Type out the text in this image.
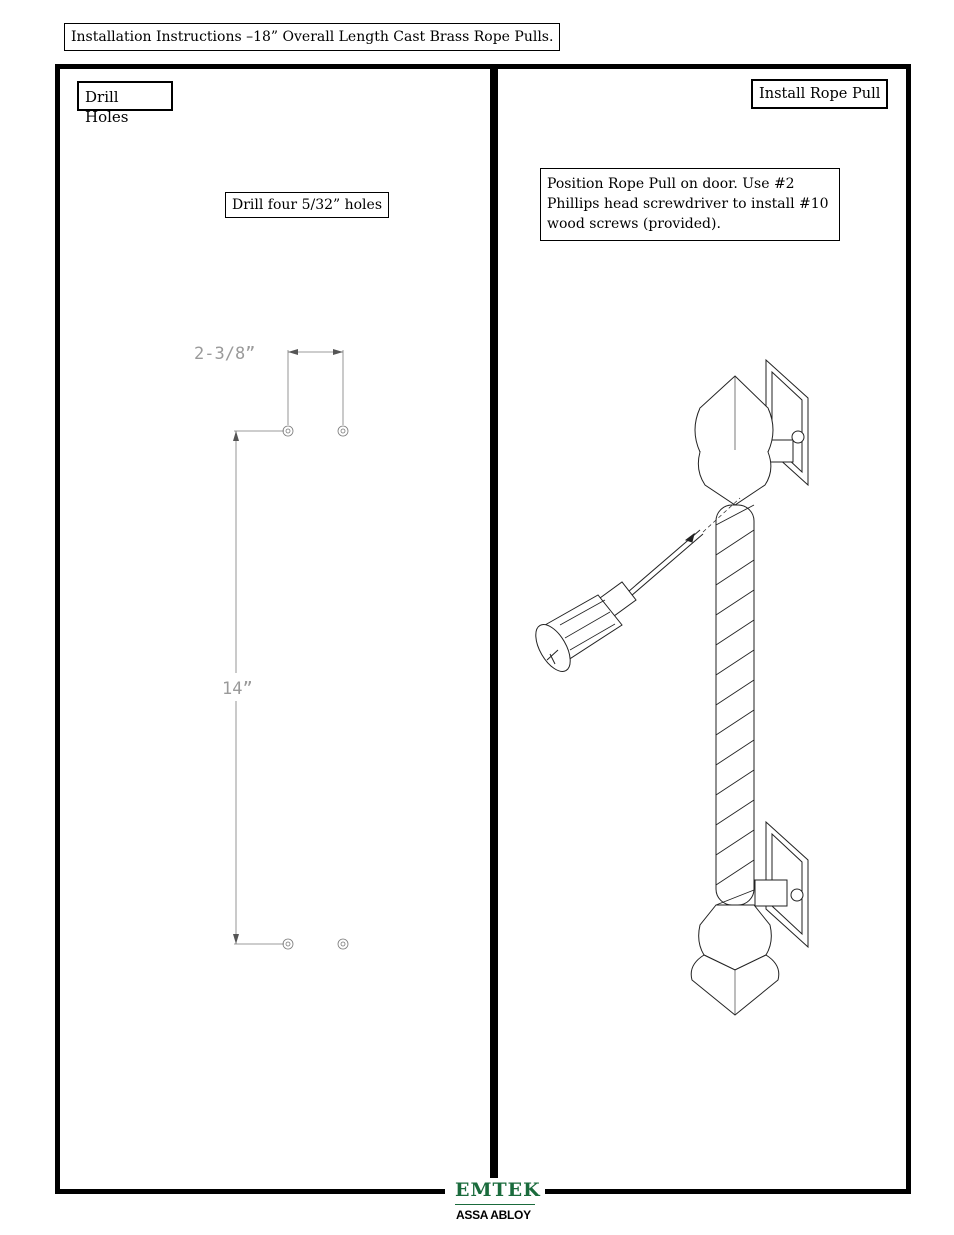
Installation Instructions –18” Overall Length Cast Brass Rope Pulls.
Drill Holes
Drill four 5/32” holes
Install Rope Pull
Position Rope Pull on door. Use #2 Phillips head screwdriver to install #10 wood screws (provided).
2-3/8”
14”
EMTEK
ASSA ABLOY
